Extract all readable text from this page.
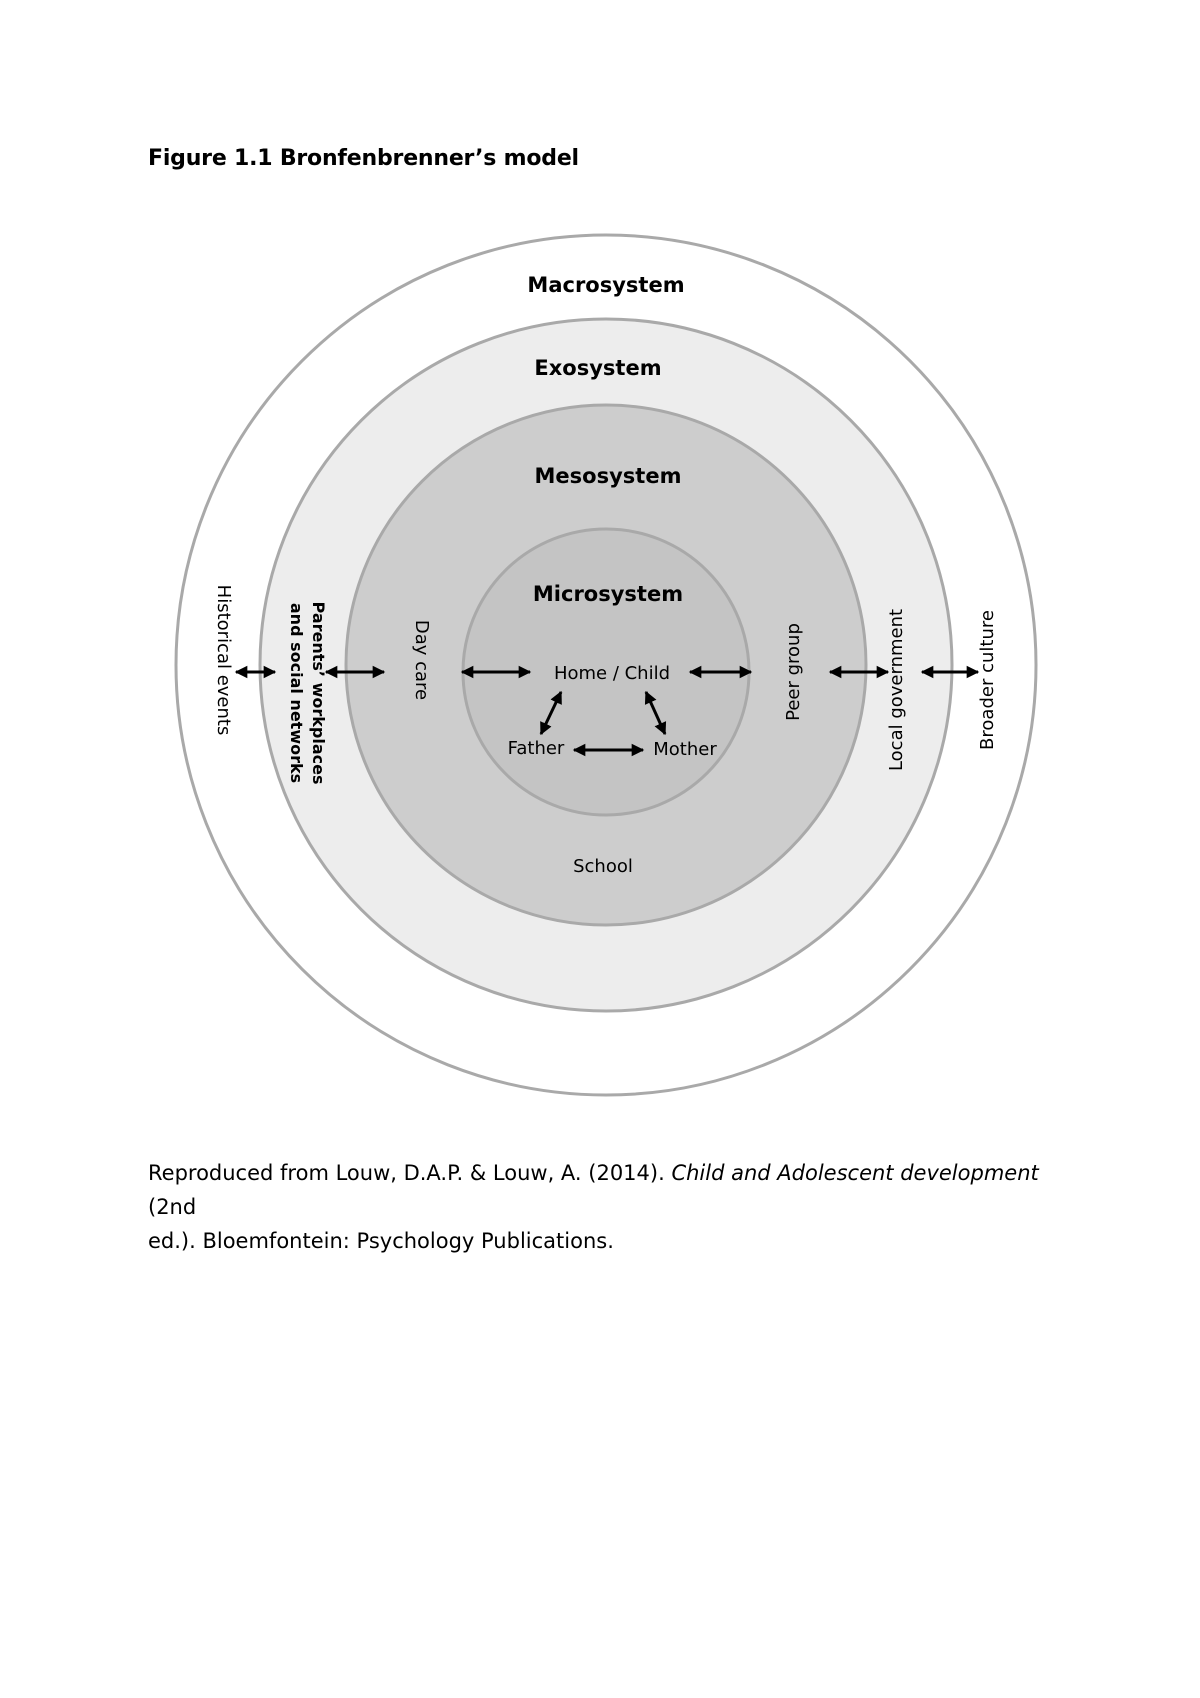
Figure 1.1 Bronfenbrenner’s model
Macrosystem
Exosystem
Mesosystem
Microsystem
Home / Child
Father	Mother
School
Day care	Peer group	Local government	Broader culture
Historical events	Parents’ workplaces
and social networks
Reproduced from Louw, D.A.P. & Louw, A. (2014). Child and Adolescent development (2nd
ed.). Bloemfontein: Psychology Publications.
